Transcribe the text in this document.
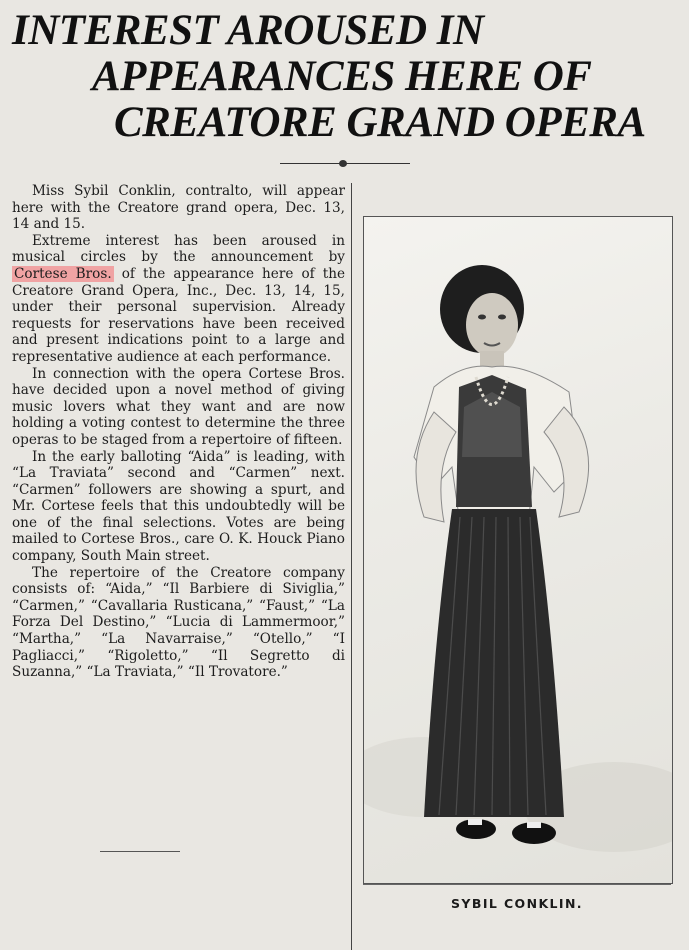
INTEREST AROUSED IN
APPEARANCES HERE OF
CREATORE GRAND OPERA

Miss Sybil Conklin, contralto, will appear here with the Creatore grand opera, Dec. 13, 14 and 15.

Extreme interest has been aroused in musical circles by the announcement by Cortese Bros. of the appearance here of the Creatore Grand Opera, Inc., Dec. 13, 14, 15, under their personal supervision. Already requests for reservations have been received and present indications point to a large and representative audience at each performance.

In connection with the opera Cortese Bros. have decided upon a novel method of giving music lovers what they want and are now holding a voting contest to determine the three operas to be staged from a repertoire of fifteen.

In the early balloting “Aida” is leading, with “La Traviata” second and “Carmen” next. “Carmen” followers are showing a spurt, and Mr. Cortese feels that this undoubtedly will be one of the final selections. Votes are being mailed to Cortese Bros., care O. K. Houck Piano company, South Main street.

The repertoire of the Creatore company consists of: “Aida,” “Il Barbiere di Siviglia,” “Carmen,” “Cavallaria Rusticana,” “Faust,” “La Forza Del Destino,” “Lucia di Lammermoor,” “Martha,” “La Navarraise,” “Otello,” “I Pagliacci,” “Rigoletto,” “Il Segretto di Suzanna,” “La Traviata,” “Il Trovatore.”

SYBIL CONKLIN.
